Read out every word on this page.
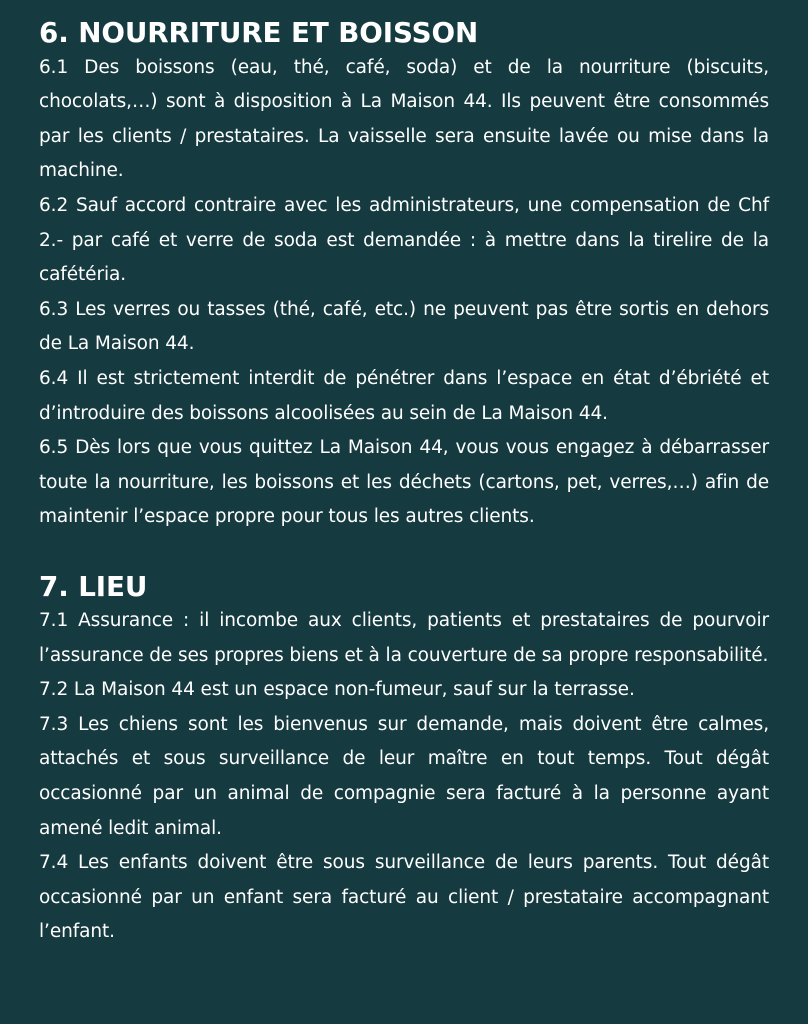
6. NOURRITURE ET BOISSON

6.1 Des boissons (eau, thé, café, soda) et de la nourriture (biscuits, chocolats,…) sont à disposition à La Maison 44. Ils peuvent être consommés par les clients / prestataires. La vaisselle sera ensuite lavée ou mise dans la machine.

6.2 Sauf accord contraire avec les administrateurs, une compensation de Chf 2.- par café et verre de soda est demandée : à mettre dans la tirelire de la cafétéria.

6.3 Les verres ou tasses (thé, café, etc.) ne peuvent pas être sortis en dehors de La Maison 44.

6.4 Il est strictement interdit de pénétrer dans l’espace en état d’ébriété et d’introduire des boissons alcoolisées au sein de La Maison 44.

6.5 Dès lors que vous quittez La Maison 44, vous vous engagez à débarrasser toute la nourriture, les boissons et les déchets (cartons, pet, verres,…) afin de maintenir l’espace propre pour tous les autres clients.

7. LIEU

7.1 Assurance : il incombe aux clients, patients et prestataires de pourvoir l’assurance de ses propres biens et à la couverture de sa propre responsabilité.

7.2 La Maison 44 est un espace non-fumeur, sauf sur la terrasse.

7.3 Les chiens sont les bienvenus sur demande, mais doivent être calmes, attachés et sous surveillance de leur maître en tout temps. Tout dégât occasionné par un animal de compagnie sera facturé à la personne ayant amené ledit animal.

7.4 Les enfants doivent être sous surveillance de leurs parents. Tout dégât occasionné par un enfant sera facturé au client / prestataire accompagnant l’enfant.
